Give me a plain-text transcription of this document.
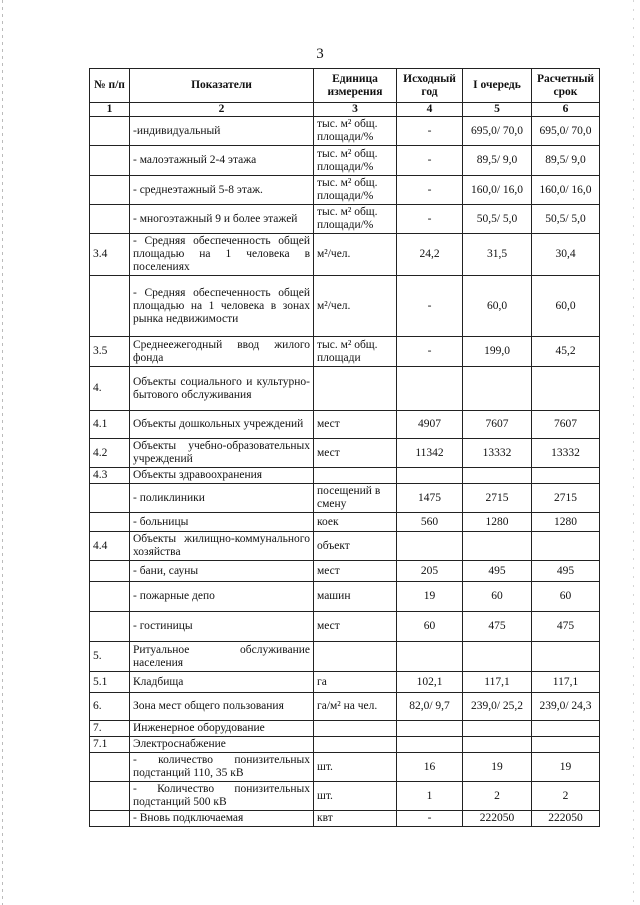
3
№ п/п	Показатели	Единица измерения	Исходный год	I очередь	Расчетный срок
1	2	3	4	5	6
	-индивидуальный	тыс. м² общ. площади/%	-	695,0/ 70,0	695,0/ 70,0
	- малоэтажный 2-4 этажа	тыс. м² общ. площади/%	-	89,5/ 9,0	89,5/ 9,0
	- среднеэтажный 5-8 этаж.	тыс. м² общ. площади/%	-	160,0/ 16,0	160,0/ 16,0
	- многоэтажный 9 и более этажей	тыс. м² общ. площади/%	-	50,5/ 5,0	50,5/ 5,0
3.4	- Средняя обеспеченность общей площадью на 1 человека в поселениях	м²/чел.	24,2	31,5	30,4
	- Средняя обеспеченность общей площадью на 1 человека в зонах рынка недвижимости	м²/чел.	-	60,0	60,0
3.5	Среднеежегодный ввод жилого фонда	тыс. м² общ. площади	-	199,0	45,2
4.	Объекты социального и культурно-бытового обслуживания				
4.1	Объекты дошкольных учреждений	мест	4907	7607	7607
4.2	Объекты учебно-образовательных учреждений	мест	11342	13332	13332
4.3	Объекты здравоохранения				
	- поликлиники	посещений в смену	1475	2715	2715
	- больницы	коек	560	1280	1280
4.4	Объекты жилищно-коммунального хозяйства	объект			
	- бани, сауны	мест	205	495	495
	- пожарные депо	машин	19	60	60
	- гостиницы	мест	60	475	475
5.	Ритуальное обслуживание населения				
5.1	Кладбища	га	102,1	117,1	117,1
6.	Зона мест общего пользования	га/м² на чел.	82,0/ 9,7	239,0/ 25,2	239,0/ 24,3
7.	Инженерное оборудование				
7.1	Электроснабжение				
	- количество понизительных подстанций 110, 35 кВ	шт.	16	19	19
	- Количество понизительных подстанций 500 кВ	шт.	1	2	2
	- Вновь подключаемая	квт	-	222050	222050
